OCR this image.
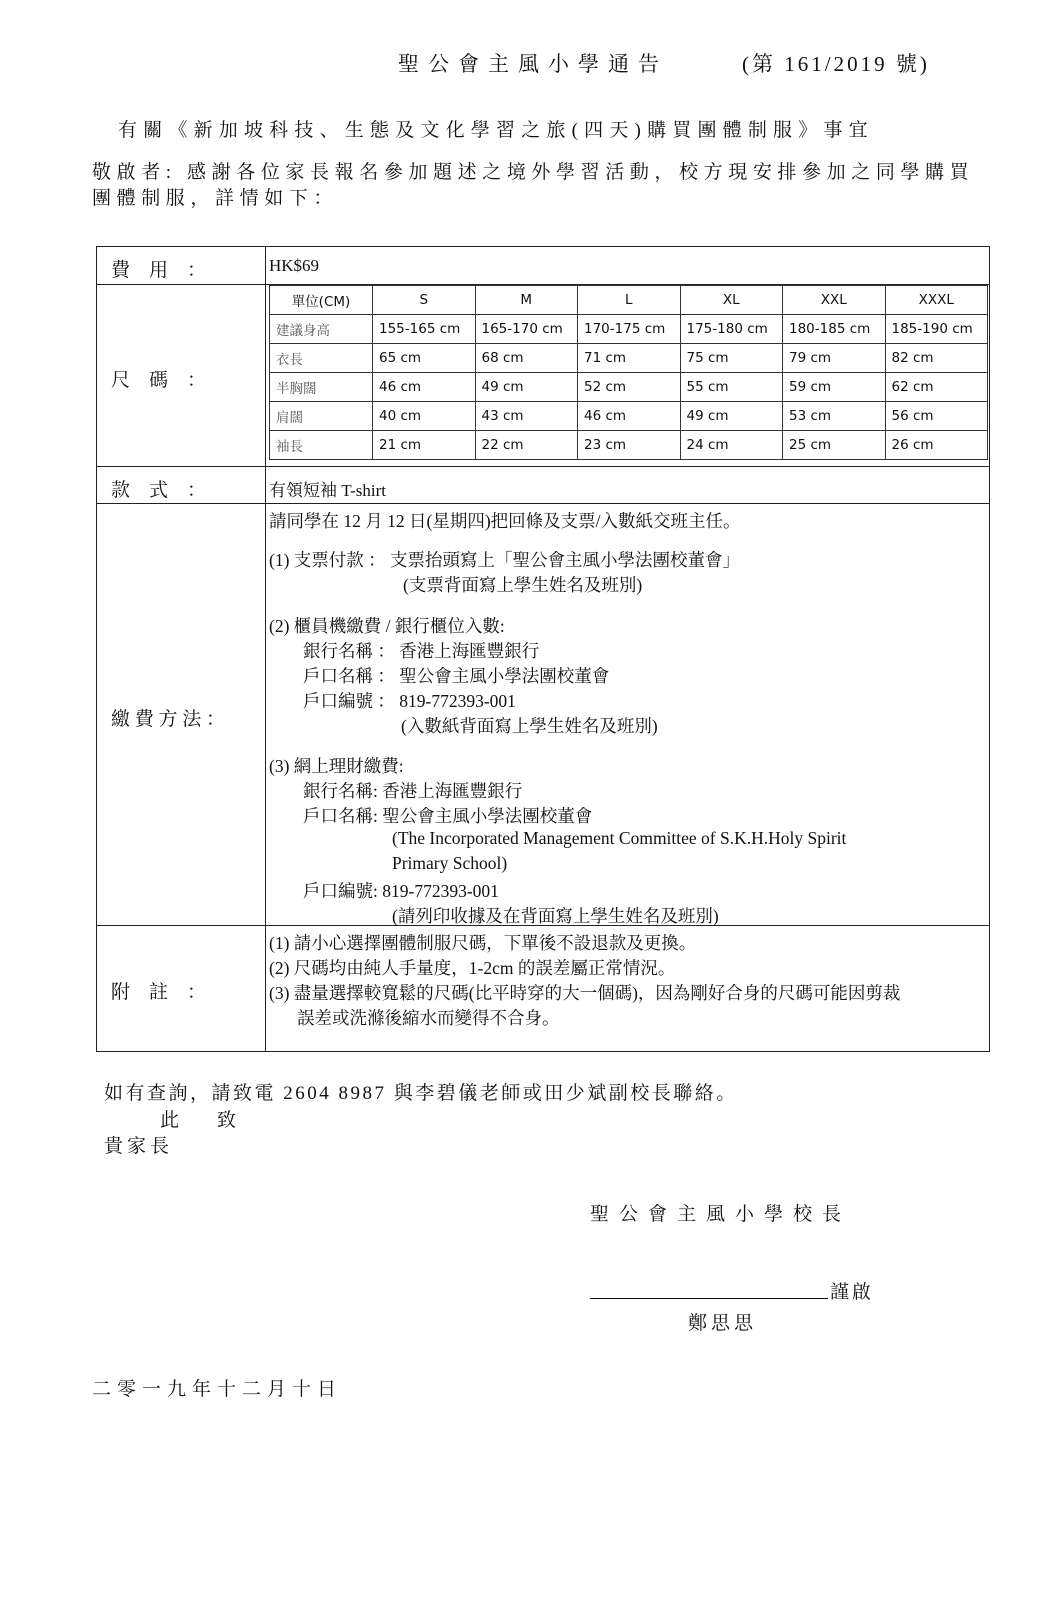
聖公會主風小學通告	(第 161/2019 號)
有關《新加坡科技、生態及文化學習之旅(四天)購買團體制服》事宜
敬啟者: 感謝各位家長報名參加題述之境外學習活動，校方現安排參加之同學購買團體制服，詳情如下：
費　用　：	HK$69
尺　碼　：
單位(CM)	S	M	L	XL	XXL	XXXL
建議身高	155-165 cm	165-170 cm	170-175 cm	175-180 cm	180-185 cm	185-190 cm
衣長	65 cm	68 cm	71 cm	75 cm	79 cm	82 cm
半胸闊	46 cm	49 cm	52 cm	55 cm	59 cm	62 cm
肩闊	40 cm	43 cm	46 cm	49 cm	53 cm	56 cm
袖長	21 cm	22 cm	23 cm	24 cm	25 cm	26 cm
款　式　：	有領短袖 T-shirt
繳 費 方 法 ：
請同學在 12 月 12 日(星期四)把回條及支票/入數紙交班主任。
(1) 支票付款 ： 支票抬頭寫上「聖公會主風小學法團校董會」
(支票背面寫上學生姓名及班別)
(2) 櫃員機繳費 / 銀行櫃位入數:
銀行名稱 ： 香港上海匯豐銀行
戶口名稱 ： 聖公會主風小學法團校董會
戶口編號 ： 819-772393-001
(入數紙背面寫上學生姓名及班別)
(3) 網上理財繳費:
銀行名稱: 香港上海匯豐銀行
戶口名稱: 聖公會主風小學法團校董會
(The Incorporated Management Committee of S.K.H.Holy Spirit
Primary School)
戶口編號: 819-772393-001
(請列印收據及在背面寫上學生姓名及班別)
附　註　：
(1) 請小心選擇團體制服尺碼，下單後不設退款及更換。
(2) 尺碼均由純人手量度，1-2cm 的誤差屬正常情況。
(3) 盡量選擇較寬鬆的尺碼(比平時穿的大一個碼)，因為剛好合身的尺碼可能因剪裁
誤差或洗滌後縮水而變得不合身。
如有查詢，請致電 2604 8987 與李碧儀老師或田少斌副校長聯絡。
此　　致
貴家長
聖公會主風小學校長
謹啟
鄭思思
二零一九年十二月十日
